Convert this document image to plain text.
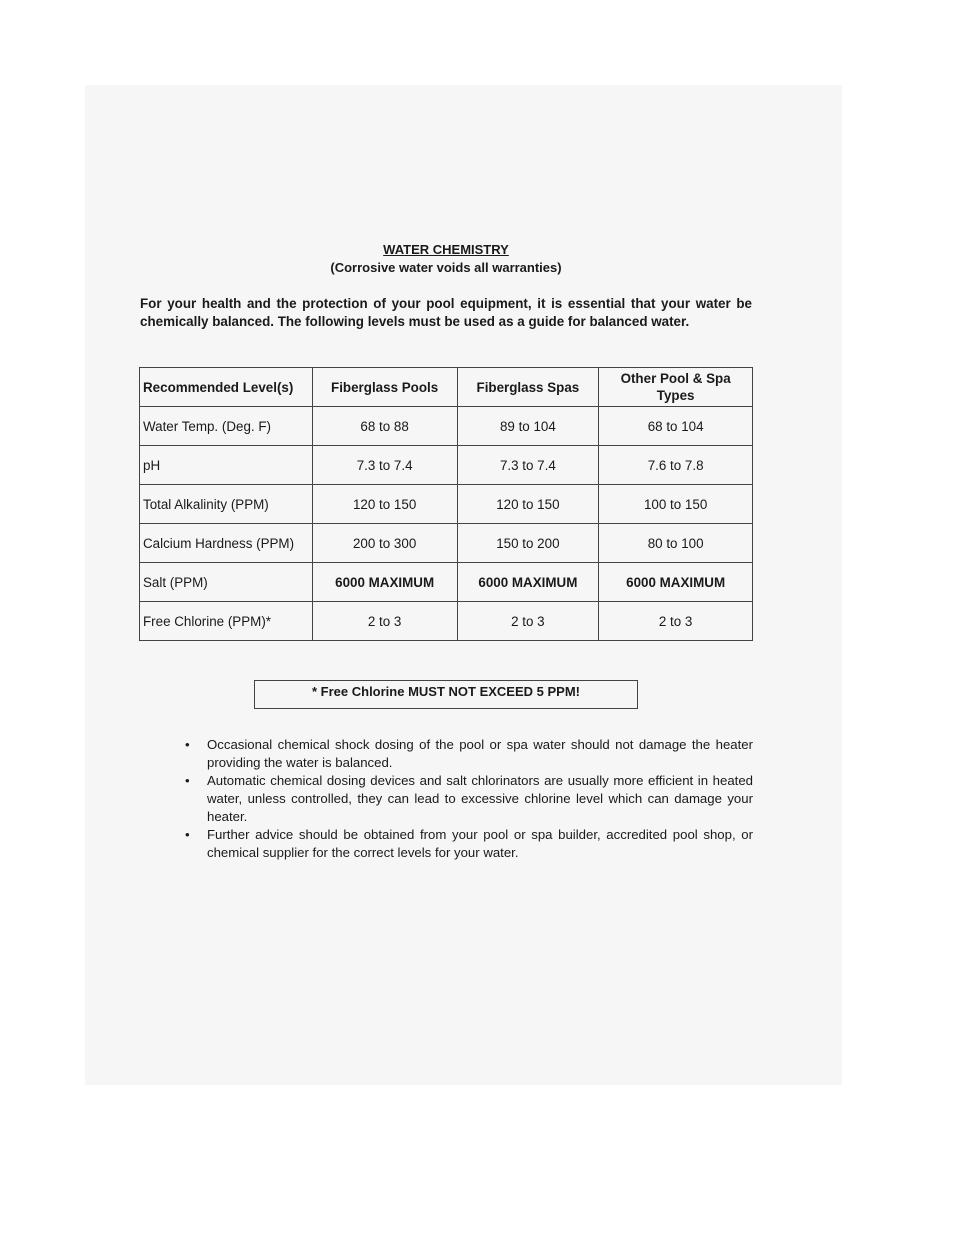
WATER CHEMISTRY
(Corrosive water voids all warranties)
For your health and the protection of your pool equipment, it is essential that your water be chemically balanced. The following levels must be used as a guide for balanced water.
Recommended Level(s)	Fiberglass Pools	Fiberglass Spas	Other Pool & Spa Types
Water Temp. (Deg. F)	68 to 88	89 to 104	68 to 104
pH	7.3 to 7.4	7.3 to 7.4	7.6 to 7.8
Total Alkalinity (PPM)	120 to 150	120 to 150	100 to 150
Calcium Hardness (PPM)	200 to 300	150 to 200	80 to 100
Salt (PPM)	6000 MAXIMUM	6000 MAXIMUM	6000 MAXIMUM
Free Chlorine (PPM)*	2 to 3	2 to 3	2 to 3
* Free Chlorine MUST NOT EXCEED 5 PPM!
• Occasional chemical shock dosing of the pool or spa water should not damage the heater providing the water is balanced.
• Automatic chemical dosing devices and salt chlorinators are usually more efficient in heated water, unless controlled, they can lead to excessive chlorine level which can damage your heater.
• Further advice should be obtained from your pool or spa builder, accredited pool shop, or chemical supplier for the correct levels for your water.
